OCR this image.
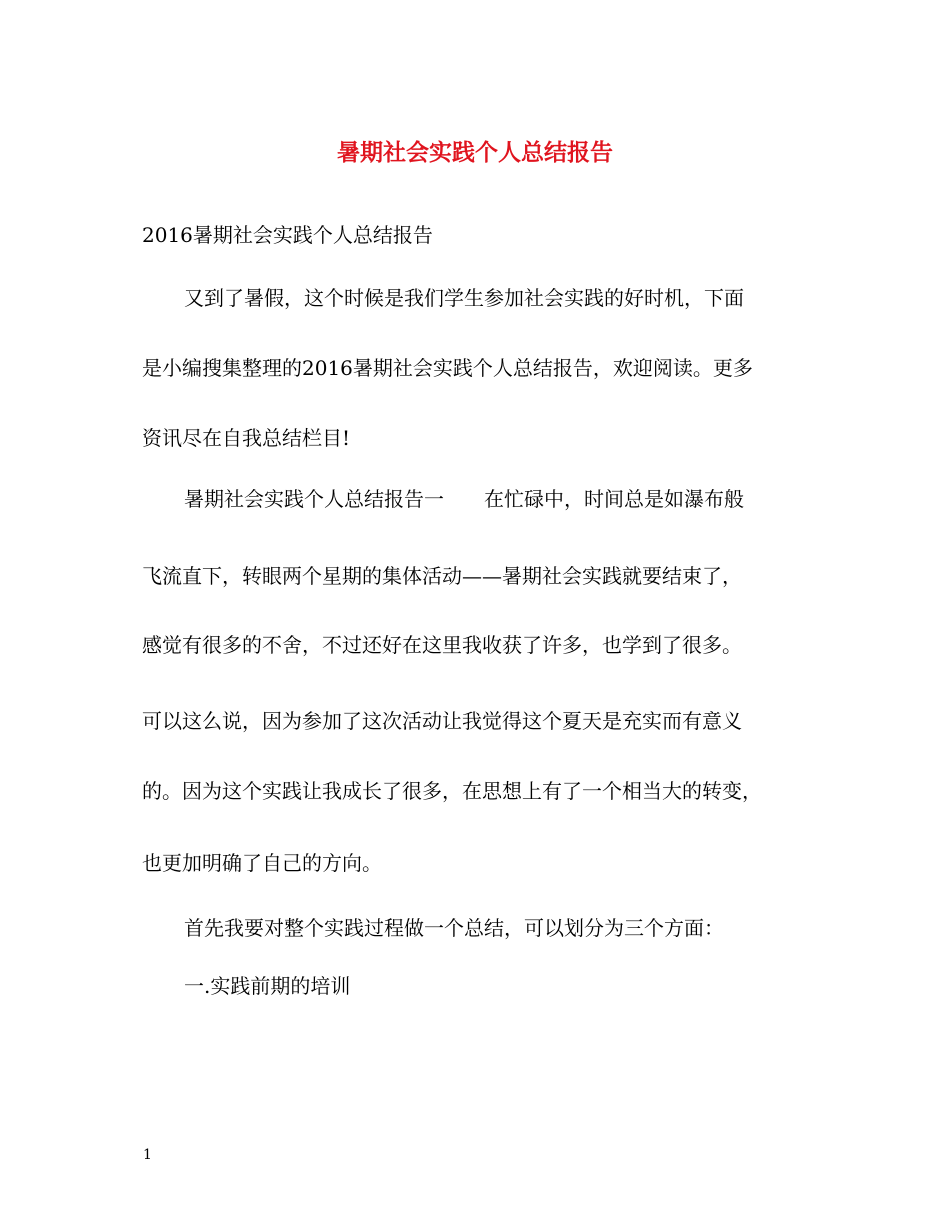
暑期社会实践个人总结报告
2016暑期社会实践个人总结报告
又到了暑假，这个时候是我们学生参加社会实践的好时机，下面
是小编搜集整理的2016暑期社会实践个人总结报告，欢迎阅读。更多
资讯尽在自我总结栏目!
暑期社会实践个人总结报告一　　在忙碌中，时间总是如瀑布般
飞流直下，转眼两个星期的集体活动——暑期社会实践就要结束了，
感觉有很多的不舍，不过还好在这里我收获了许多，也学到了很多。
可以这么说，因为参加了这次活动让我觉得这个夏天是充实而有意义
的。因为这个实践让我成长了很多，在思想上有了一个相当大的转变，
也更加明确了自己的方向。
首先我要对整个实践过程做一个总结，可以划分为三个方面：
一.实践前期的培训
1
